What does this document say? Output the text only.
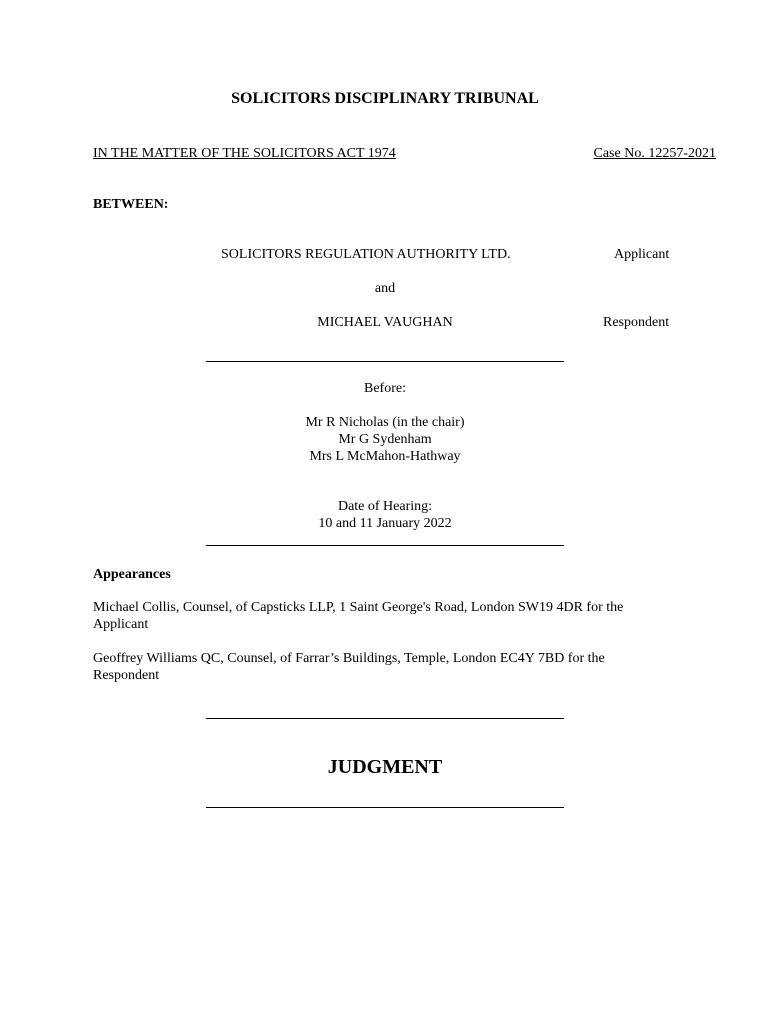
SOLICITORS DISCIPLINARY TRIBUNAL

IN THE MATTER OF THE SOLICITORS ACT 1974	Case No. 12257-2021

BETWEEN:

SOLICITORS REGULATION AUTHORITY LTD.	Applicant

and

MICHAEL VAUGHAN	Respondent

Before:

Mr R Nicholas (in the chair)
Mr G Sydenham
Mrs L McMahon-Hathway
Date of Hearing:
10 and 11 January 2022

Appearances

Michael Collis, Counsel, of Capsticks LLP, 1 Saint George's Road, London SW19 4DR for the Applicant

Geoffrey Williams QC, Counsel, of Farrar’s Buildings, Temple, London EC4Y 7BD for the Respondent

JUDGMENT
